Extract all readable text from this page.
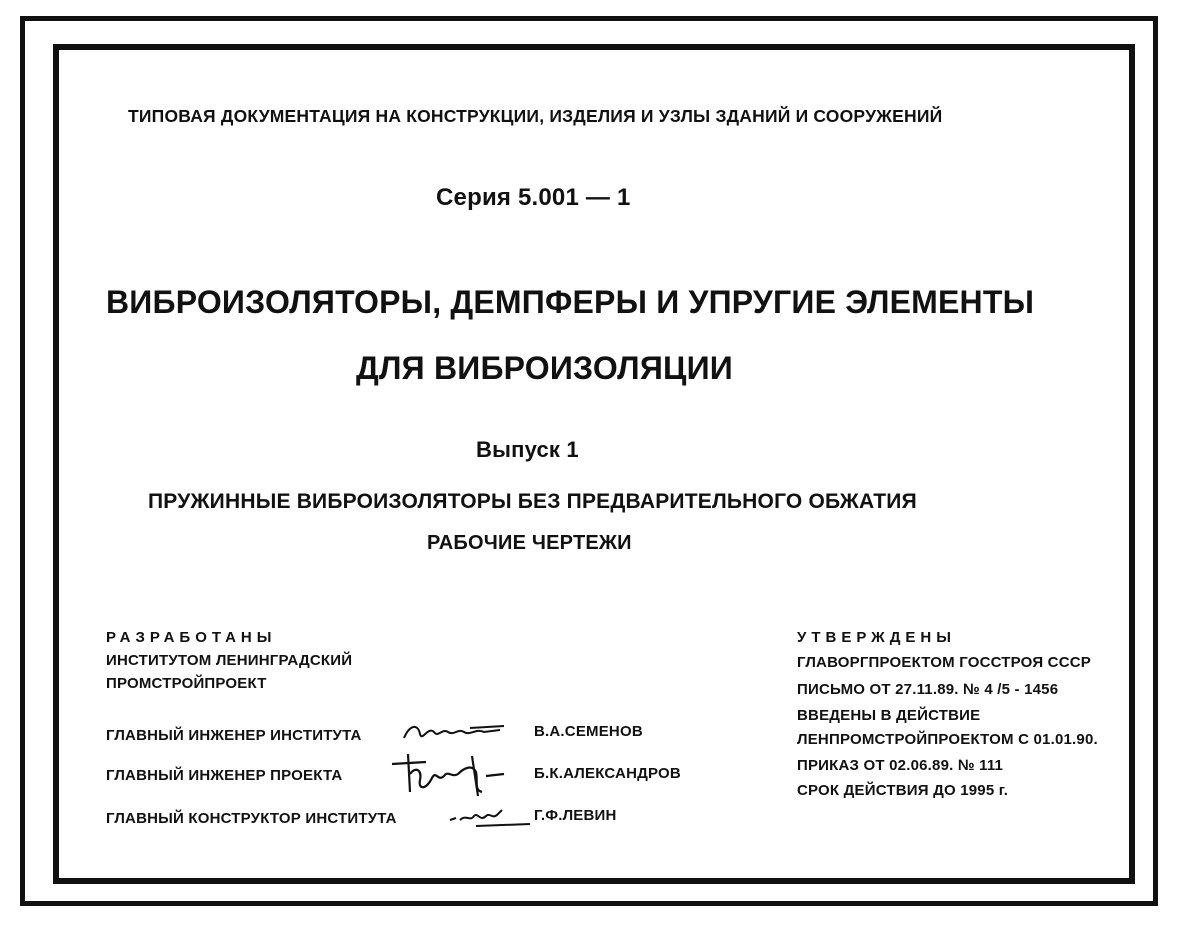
ТИПОВАЯ ДОКУМЕНТАЦИЯ НА КОНСТРУКЦИИ, ИЗДЕЛИЯ И УЗЛЫ ЗДАНИЙ И СООРУЖЕНИЙ
Серия 5.001 — 1
ВИБРОИЗОЛЯТОРЫ, ДЕМПФЕРЫ И УПРУГИЕ ЭЛЕМЕНТЫ
ДЛЯ ВИБРОИЗОЛЯЦИИ
Выпуск 1
ПРУЖИННЫЕ ВИБРОИЗОЛЯТОРЫ БЕЗ ПРЕДВАРИТЕЛЬНОГО ОБЖАТИЯ
РАБОЧИЕ ЧЕРТЕЖИ
РАЗРАБОТАНЫ
ИНСТИТУТОМ ЛЕНИНГРАДСКИЙ
ПРОМСТРОЙПРОЕКТ
ГЛАВНЫЙ ИНЖЕНЕР ИНСТИТУТА	В.А.СЕМЕНОВ
ГЛАВНЫЙ ИНЖЕНЕР ПРОЕКТА	Б.К.АЛЕКСАНДРОВ
ГЛАВНЫЙ КОНСТРУКТОР ИНСТИТУТА	Г.Ф.ЛЕВИН
УТВЕРЖДЕНЫ
ГЛАВОРГПРОЕКТОМ ГОССТРОЯ СССР
ПИСЬМО ОТ 27.11.89. № 4 /5 - 1456
ВВЕДЕНЫ В ДЕЙСТВИЕ
ЛЕНПРОМСТРОЙПРОЕКТОМ С 01.01.90.
ПРИКАЗ ОТ 02.06.89. № 111
СРОК ДЕЙСТВИЯ ДО 1995 г.
